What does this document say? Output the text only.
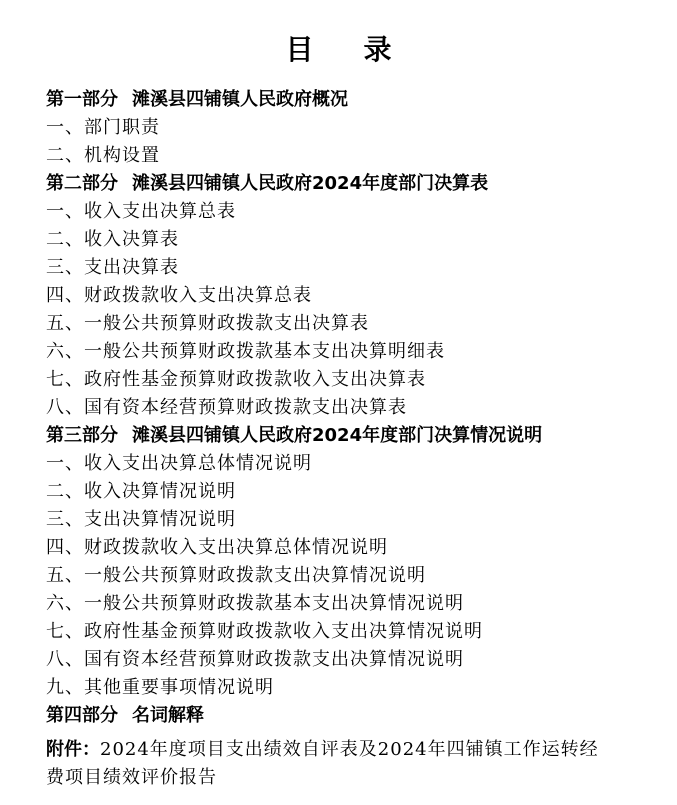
目 录
第一部分 滩溪县四铺镇人民政府概况
一、部门职责
二、机构设置
第二部分 滩溪县四铺镇人民政府2024年度部门决算表
一、收入支出决算总表
二、收入决算表
三、支出决算表
四、财政拨款收入支出决算总表
五、一般公共预算财政拨款支出决算表
六、一般公共预算财政拨款基本支出决算明细表
七、政府性基金预算财政拨款收入支出决算表
八、国有资本经营预算财政拨款支出决算表
第三部分 滩溪县四铺镇人民政府2024年度部门决算情况说明
一、收入支出决算总体情况说明
二、收入决算情况说明
三、支出决算情况说明
四、财政拨款收入支出决算总体情况说明
五、一般公共预算财政拨款支出决算情况说明
六、一般公共预算财政拨款基本支出决算情况说明
七、政府性基金预算财政拨款收入支出决算情况说明
八、国有资本经营预算财政拨款支出决算情况说明
九、其他重要事项情况说明
第四部分 名词解释
附件：2024年度项目支出绩效自评表及2024年四铺镇工作运转经费项目绩效评价报告
